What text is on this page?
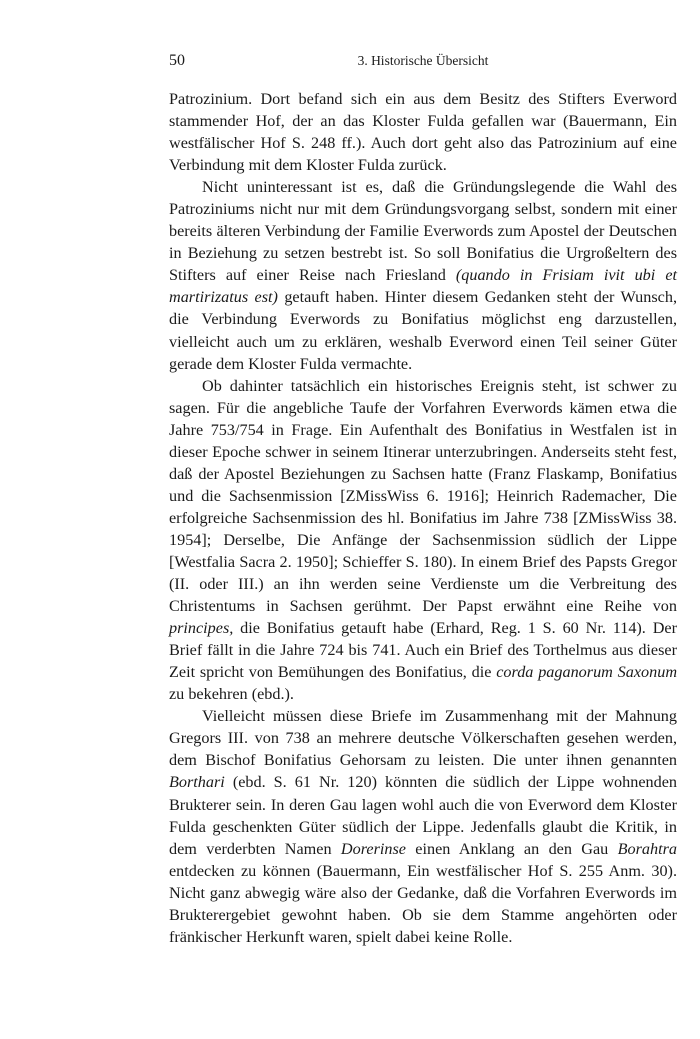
50	3. Historische Übersicht

Patrozinium. Dort befand sich ein aus dem Besitz des Stifters Everword stammender Hof, der an das Kloster Fulda gefallen war (Bauermann, Ein westfälischer Hof S. 248 ff.). Auch dort geht also das Patrozinium auf eine Verbindung mit dem Kloster Fulda zurück.

Nicht uninteressant ist es, daß die Gründungslegende die Wahl des Patroziniums nicht nur mit dem Gründungsvorgang selbst, sondern mit einer bereits älteren Verbindung der Familie Everwords zum Apostel der Deutschen in Beziehung zu setzen bestrebt ist. So soll Bonifatius die Urgroßeltern des Stifters auf einer Reise nach Friesland (quando in Frisiam ivit ubi et martirizatus est) getauft haben. Hinter diesem Gedanken steht der Wunsch, die Verbindung Everwords zu Bonifatius möglichst eng darzustellen, vielleicht auch um zu erklären, weshalb Everword einen Teil seiner Güter gerade dem Kloster Fulda vermachte.

Ob dahinter tatsächlich ein historisches Ereignis steht, ist schwer zu sagen. Für die angebliche Taufe der Vorfahren Everwords kämen etwa die Jahre 753/754 in Frage. Ein Aufenthalt des Bonifatius in Westfalen ist in dieser Epoche schwer in seinem Itinerar unterzubringen. Anderseits steht fest, daß der Apostel Beziehungen zu Sachsen hatte (Franz Flaskamp, Bonifatius und die Sachsenmission [ZMissWiss 6. 1916]; Heinrich Rademacher, Die erfolgreiche Sachsenmission des hl. Bonifatius im Jahre 738 [ZMissWiss 38. 1954]; Derselbe, Die Anfänge der Sachsenmission südlich der Lippe [Westfalia Sacra 2. 1950]; Schieffer S. 180). In einem Brief des Papsts Gregor (II. oder III.) an ihn werden seine Verdienste um die Verbreitung des Christentums in Sachsen gerühmt. Der Papst erwähnt eine Reihe von principes, die Bonifatius getauft habe (Erhard, Reg. 1 S. 60 Nr. 114). Der Brief fällt in die Jahre 724 bis 741. Auch ein Brief des Torthelmus aus dieser Zeit spricht von Bemühungen des Bonifatius, die corda paganorum Saxonum zu bekehren (ebd.).

Vielleicht müssen diese Briefe im Zusammenhang mit der Mahnung Gregors III. von 738 an mehrere deutsche Völkerschaften gesehen werden, dem Bischof Bonifatius Gehorsam zu leisten. Die unter ihnen genannten Borthari (ebd. S. 61 Nr. 120) könnten die südlich der Lippe wohnenden Brukterer sein. In deren Gau lagen wohl auch die von Everword dem Kloster Fulda geschenkten Güter südlich der Lippe. Jedenfalls glaubt die Kritik, in dem verderbten Namen Dorerinse einen Anklang an den Gau Borahtra entdecken zu können (Bauermann, Ein westfälischer Hof S. 255 Anm. 30). Nicht ganz abwegig wäre also der Gedanke, daß die Vorfahren Everwords im Brukterergebiet gewohnt haben. Ob sie dem Stamme angehörten oder fränkischer Herkunft waren, spielt dabei keine Rolle.
